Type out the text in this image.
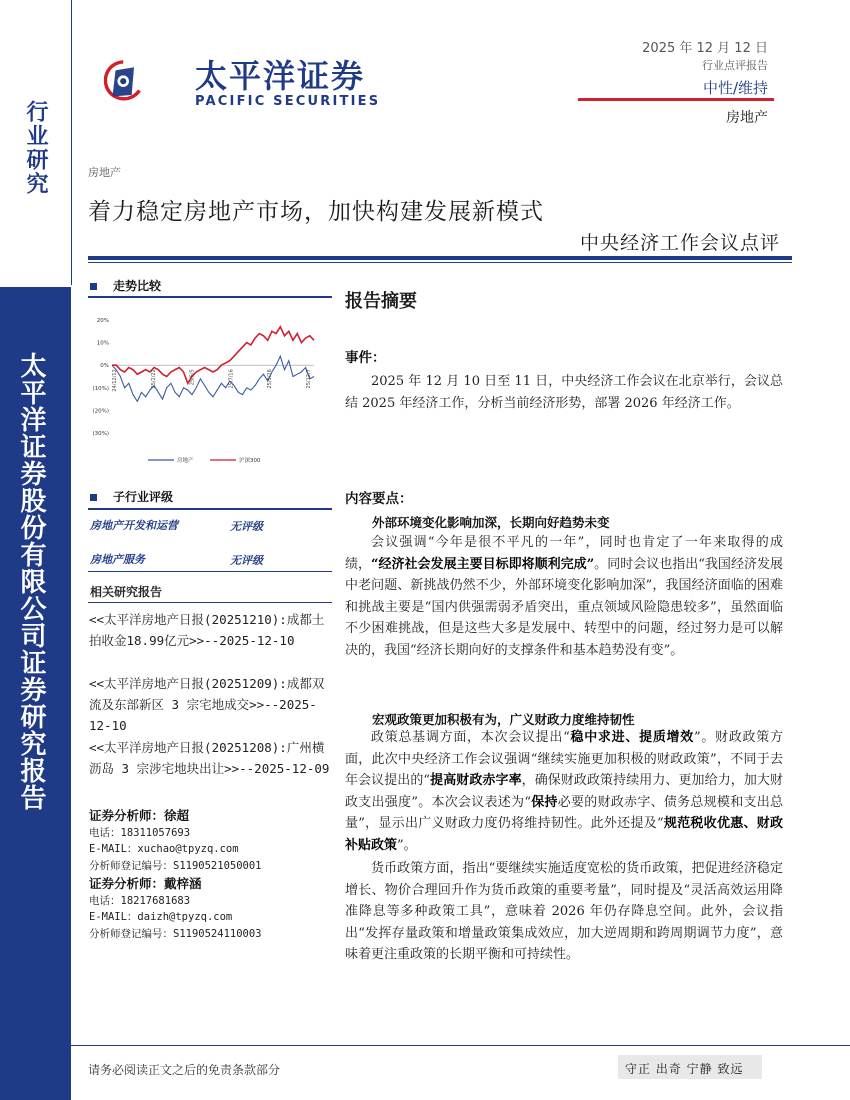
行业研究
太平洋证券股份有限公司证券研究报告
太平洋证券
PACIFIC SECURITIES
2025 年 12 月 12 日
行业点评报告
中性/维持
房地产
房地产
着力稳定房地产市场，加快构建发展新模式
中央经济工作会议点评
走势比较
20%
10%
0%
(10%)
(20%)
(30%)
24/12/12	25/2/22	25/5/5	25/7/16	25/9/26	25/12/7
房地产	沪深300
子行业评级
房地产开发和运营	无评级
房地产服务	无评级
相关研究报告
<<太平洋房地产日报(20251210):成都土拍收金18.99亿元>>--2025-12-10
<<太平洋房地产日报(20251209):成都双流及东部新区 3 宗宅地成交>>--2025-12-10
<<太平洋房地产日报(20251208):广州横沥岛 3 宗涉宅地块出让>>--2025-12-09
证券分析师：徐超
电话：18311057693
E-MAIL：xuchao@tpyzq.com
分析师登记编号：S1190521050001
证券分析师：戴梓涵
电话：18217681683
E-MAIL：daizh@tpyzq.com
分析师登记编号：S1190524110003
报告摘要
事件：
2025 年 12 月 10 日至 11 日，中央经济工作会议在北京举行，会议总结 2025 年经济工作，分析当前经济形势，部署 2026 年经济工作。
内容要点：
外部环境变化影响加深，长期向好趋势未变
会议强调“今年是很不平凡的一年”，同时也肯定了一年来取得的成绩，“经济社会发展主要目标即将顺利完成”。同时会议也指出“我国经济发展中老问题、新挑战仍然不少，外部环境变化影响加深”，我国经济面临的困难和挑战主要是“国内供强需弱矛盾突出，重点领域风险隐患较多”，虽然面临不少困难挑战，但是这些大多是发展中、转型中的问题，经过努力是可以解决的，我国“经济长期向好的支撑条件和基本趋势没有变”。
宏观政策更加积极有为，广义财政力度维持韧性
政策总基调方面，本次会议提出“稳中求进、提质增效”。财政政策方面，此次中央经济工作会议强调“继续实施更加积极的财政政策”，不同于去年会议提出的“提高财政赤字率，确保财政政策持续用力、更加给力，加大财政支出强度”。本次会议表述为“保持必要的财政赤字、债务总规模和支出总量”，显示出广义财政力度仍将维持韧性。此外还提及“规范税收优惠、财政补贴政策”。
货币政策方面，指出“要继续实施适度宽松的货币政策，把促进经济稳定增长、物价合理回升作为货币政策的重要考量”，同时提及“灵活高效运用降准降息等多种政策工具”，意味着 2026 年仍存降息空间。此外，会议指出“发挥存量政策和增量政策集成效应，加大逆周期和跨周期调节力度”，意味着更注重政策的长期平衡和可持续性。
请务必阅读正文之后的免责条款部分	守正 出奇 宁静 致远
